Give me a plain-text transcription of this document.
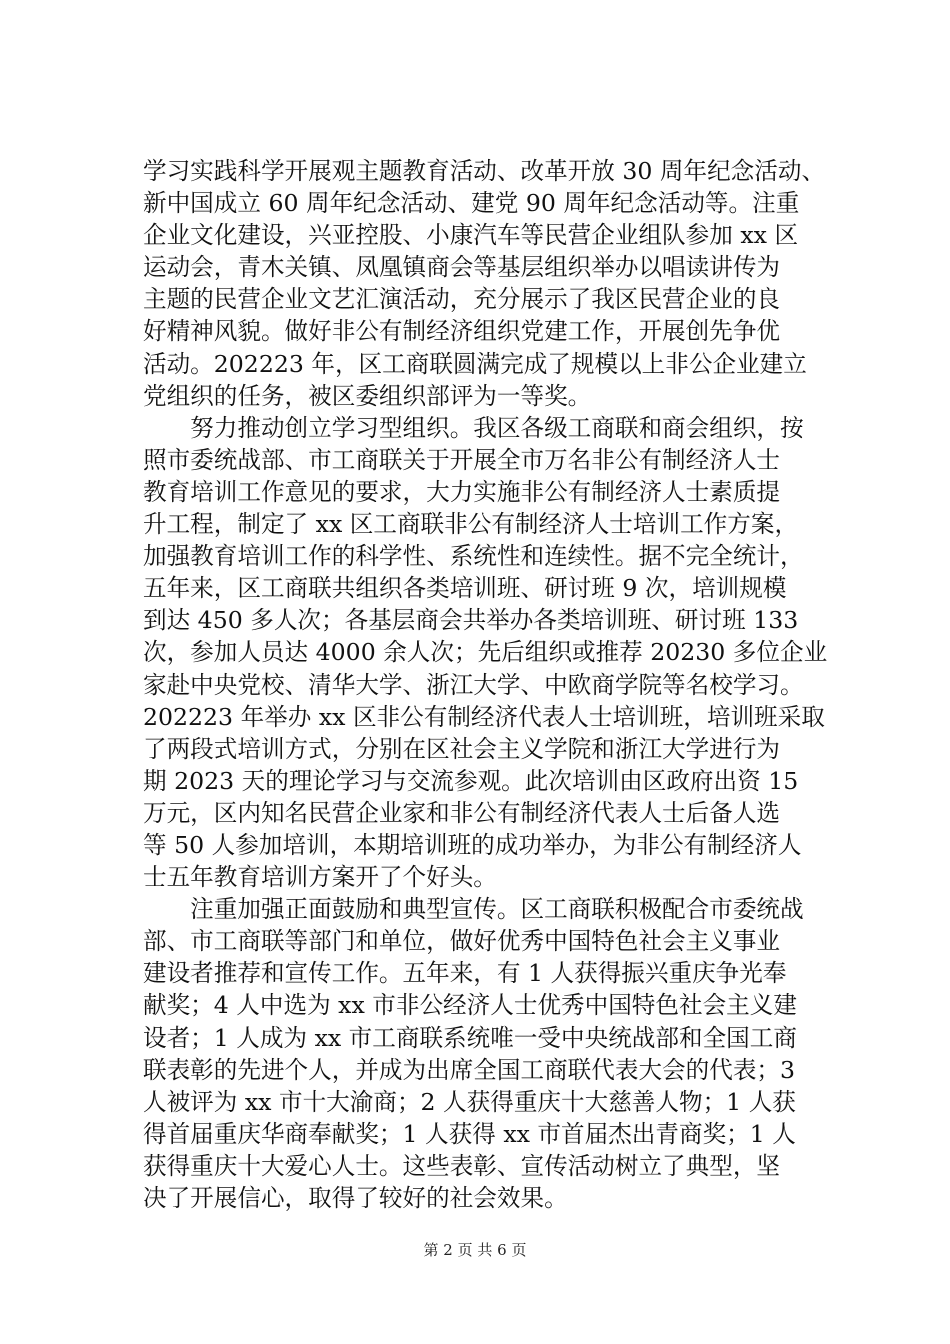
学习实践科学开展观主题教育活动、改革开放 30 周年纪念活动、
新中国成立 60 周年纪念活动、建党 90 周年纪念活动等。注重
企业文化建设，兴亚控股、小康汽车等民营企业组队参加 xx 区
运动会，青木关镇、凤凰镇商会等基层组织举办以唱读讲传为
主题的民营企业文艺汇演活动，充分展示了我区民营企业的良
好精神风貌。做好非公有制经济组织党建工作，开展创先争优
活动。202223 年，区工商联圆满完成了规模以上非公企业建立
党组织的任务，被区委组织部评为一等奖。
　　努力推动创立学习型组织。我区各级工商联和商会组织，按
照市委统战部、市工商联关于开展全市万名非公有制经济人士
教育培训工作意见的要求，大力实施非公有制经济人士素质提
升工程，制定了 xx 区工商联非公有制经济人士培训工作方案，
加强教育培训工作的科学性、系统性和连续性。据不完全统计，
五年来，区工商联共组织各类培训班、研讨班 9 次，培训规模
到达 450 多人次；各基层商会共举办各类培训班、研讨班 133
次，参加人员达 4000 余人次；先后组织或推荐 20230 多位企业
家赴中央党校、清华大学、浙江大学、中欧商学院等名校学习。
202223 年举办 xx 区非公有制经济代表人士培训班，培训班采取
了两段式培训方式，分别在区社会主义学院和浙江大学进行为
期 2023 天的理论学习与交流参观。此次培训由区政府出资 15
万元，区内知名民营企业家和非公有制经济代表人士后备人选
等 50 人参加培训，本期培训班的成功举办，为非公有制经济人
士五年教育培训方案开了个好头。
　　注重加强正面鼓励和典型宣传。区工商联积极配合市委统战
部、市工商联等部门和单位，做好优秀中国特色社会主义事业
建设者推荐和宣传工作。五年来，有 1 人获得振兴重庆争光奉
献奖；4 人中选为 xx 市非公经济人士优秀中国特色社会主义建
设者；1 人成为 xx 市工商联系统唯一受中央统战部和全国工商
联表彰的先进个人，并成为出席全国工商联代表大会的代表；3
人被评为 xx 市十大渝商；2 人获得重庆十大慈善人物；1 人获
得首届重庆华商奉献奖；1 人获得 xx 市首届杰出青商奖；1 人
获得重庆十大爱心人士。这些表彰、宣传活动树立了典型，坚
决了开展信心，取得了较好的社会效果。
第 2 页 共 6 页
